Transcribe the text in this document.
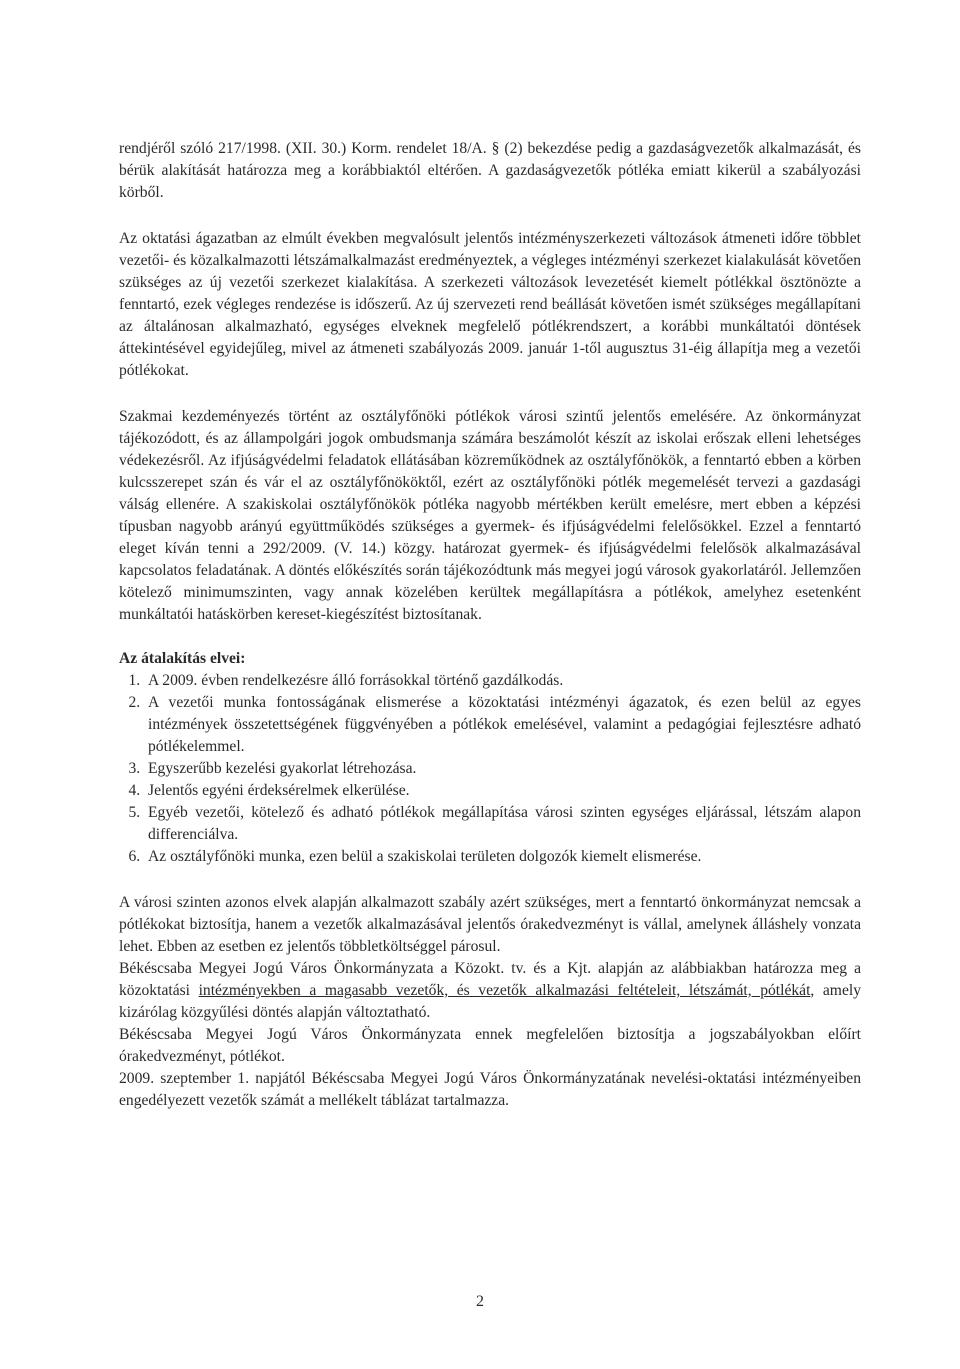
rendjéről szóló 217/1998. (XII. 30.) Korm. rendelet 18/A. § (2) bekezdése pedig a gazdaságvezetők alkalmazását, és bérük alakítását határozza meg a korábbiaktól eltérően. A gazdaságvezetők pótléka emiatt kikerül a szabályozási körből.

Az oktatási ágazatban az elmúlt években megvalósult jelentős intézményszerkezeti változások átmeneti időre többlet vezetői- és közalkalmazotti létszámalkalmazást eredményeztek, a végleges intézményi szerkezet kialakulását követően szükséges az új vezetői szerkezet kialakítása. A szerkezeti változások levezetését kiemelt pótlékkal ösztönözte a fenntartó, ezek végleges rendezése is időszerű. Az új szervezeti rend beállását követően ismét szükséges megállapítani az általánosan alkalmazható, egységes elveknek megfelelő pótlékrendszert, a korábbi munkáltatói döntések áttekintésével egyidejűleg, mivel az átmeneti szabályozás 2009. január 1-től augusztus 31-éig állapítja meg a vezetői pótlékokat.

Szakmai kezdeményezés történt az osztályfőnöki pótlékok városi szintű jelentős emelésére. Az önkormányzat tájékozódott, és az állampolgári jogok ombudsmanja számára beszámolót készít az iskolai erőszak elleni lehetséges védekezésről. Az ifjúságvédelmi feladatok ellátásában közreműködnek az osztályfőnökök, a fenntartó ebben a körben kulcsszerepet szán és vár el az osztályfőnököktől, ezért az osztályfőnöki pótlék megemelését tervezi a gazdasági válság ellenére. A szakiskolai osztályfőnökök pótléka nagyobb mértékben került emelésre, mert ebben a képzési típusban nagyobb arányú együttműködés szükséges a gyermek- és ifjúságvédelmi felelősökkel. Ezzel a fenntartó eleget kíván tenni a 292/2009. (V. 14.) közgy. határozat gyermek- és ifjúságvédelmi felelősök alkalmazásával kapcsolatos feladatának. A döntés előkészítés során tájékozódtunk más megyei jogú városok gyakorlatáról. Jellemzően kötelező minimumszinten, vagy annak közelében kerültek megállapításra a pótlékok, amelyhez esetenként munkáltatói hatáskörben kereset-kiegészítést biztosítanak.

Az átalakítás elvei:
1. A 2009. évben rendelkezésre álló forrásokkal történő gazdálkodás.
2. A vezetői munka fontosságának elismerése a közoktatási intézményi ágazatok, és ezen belül az egyes intézmények összetettségének függvényében a pótlékok emelésével, valamint a pedagógiai fejlesztésre adható pótlékelemmel.
3. Egyszerűbb kezelési gyakorlat létrehozása.
4. Jelentős egyéni érdeksérelmek elkerülése.
5. Egyéb vezetői, kötelező és adható pótlékok megállapítása városi szinten egységes eljárással, létszám alapon differenciálva.
6. Az osztályfőnöki munka, ezen belül a szakiskolai területen dolgozók kiemelt elismerése.

A városi szinten azonos elvek alapján alkalmazott szabály azért szükséges, mert a fenntartó önkormányzat nemcsak a pótlékokat biztosítja, hanem a vezetők alkalmazásával jelentős órakedvezményt is vállal, amelynek álláshely vonzata lehet. Ebben az esetben ez jelentős többletköltséggel párosul.

Békéscsaba Megyei Jogú Város Önkormányzata a Közokt. tv. és a Kjt. alapján az alábbiakban határozza meg a közoktatási intézményekben a magasabb vezetők, és vezetők alkalmazási feltételeit, létszámát, pótlékát, amely kizárólag közgyűlési döntés alapján változtatható.

Békéscsaba Megyei Jogú Város Önkormányzata ennek megfelelően biztosítja a jogszabályokban előírt órakedvezményt, pótlékot.

2009. szeptember 1. napjától Békéscsaba Megyei Jogú Város Önkormányzatának nevelési-oktatási intézményeiben engedélyezett vezetők számát a mellékelt táblázat tartalmazza.

2
